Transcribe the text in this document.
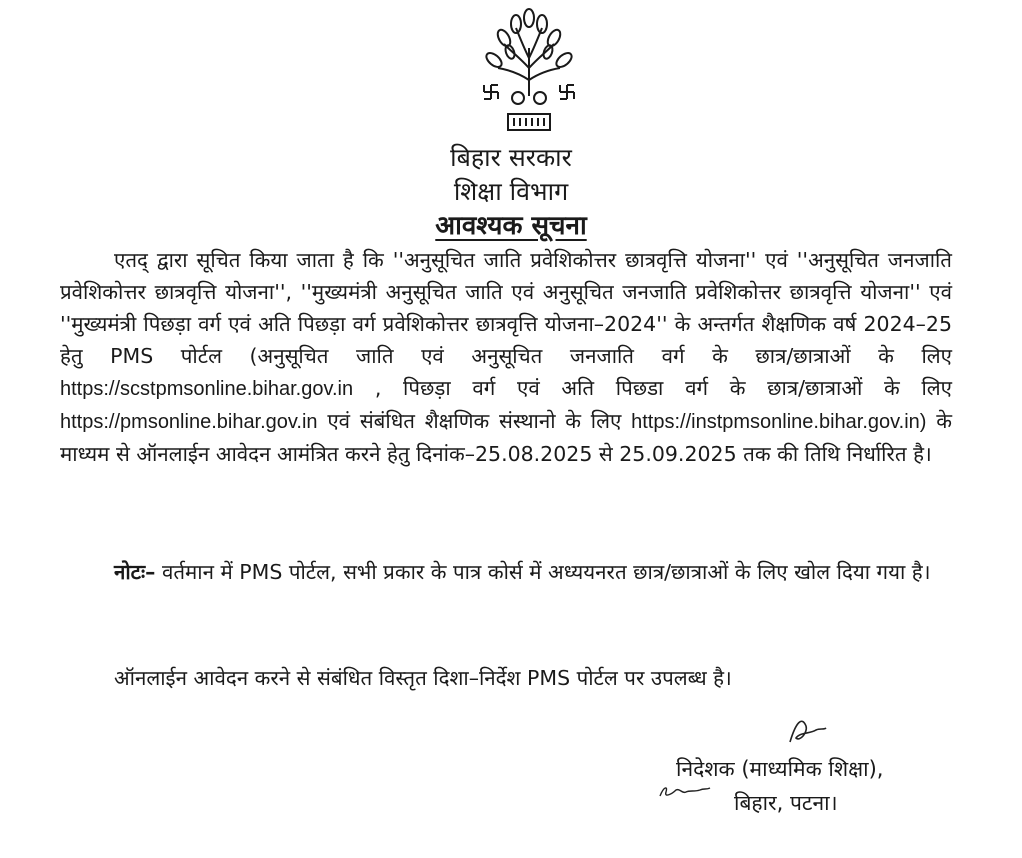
बिहार सरकार
शिक्षा विभाग
आवश्यक सूचना
एतद् द्वारा सूचित किया जाता है कि ''अनुसूचित जाति प्रवेशिकोत्तर छात्रवृत्ति योजना'' एवं ''अनुसूचित जनजाति प्रवेशिकोत्तर छात्रवृत्ति योजना'', ''मुख्यमंत्री अनुसूचित जाति एवं अनुसूचित जनजाति प्रवेशिकोत्तर छात्रवृत्ति योजना'' एवं ''मुख्यमंत्री पिछड़ा वर्ग एवं अति पिछड़ा वर्ग प्रवेशिकोत्तर छात्रवृत्ति योजना–2024'' के अन्तर्गत शैक्षणिक वर्ष 2024–25 हेतु PMS पोर्टल (अनुसूचित जाति एवं अनुसूचित जनजाति वर्ग के छात्र/छात्राओं के लिए https://scstpmsonline.bihar.gov.in , पिछड़ा वर्ग एवं अति पिछडा वर्ग के छात्र/छात्राओं के लिए https://pmsonline.bihar.gov.in एवं संबंधित शैक्षणिक संस्थानो के लिए https://instpmsonline.bihar.gov.in) के माध्यम से ऑनलाईन आवेदन आमंत्रित करने हेतु दिनांक–25.08.2025 से 25.09.2025 तक की तिथि निर्धारित है।
नोटः– वर्तमान में PMS पोर्टल, सभी प्रकार के पात्र कोर्स में अध्ययनरत छात्र/छात्राओं के लिए खोल दिया गया है।
ऑनलाईन आवेदन करने से संबंधित विस्तृत दिशा–निर्देश PMS पोर्टल पर उपलब्ध है।
निदेशक (माध्यमिक शिक्षा),
बिहार, पटना।
